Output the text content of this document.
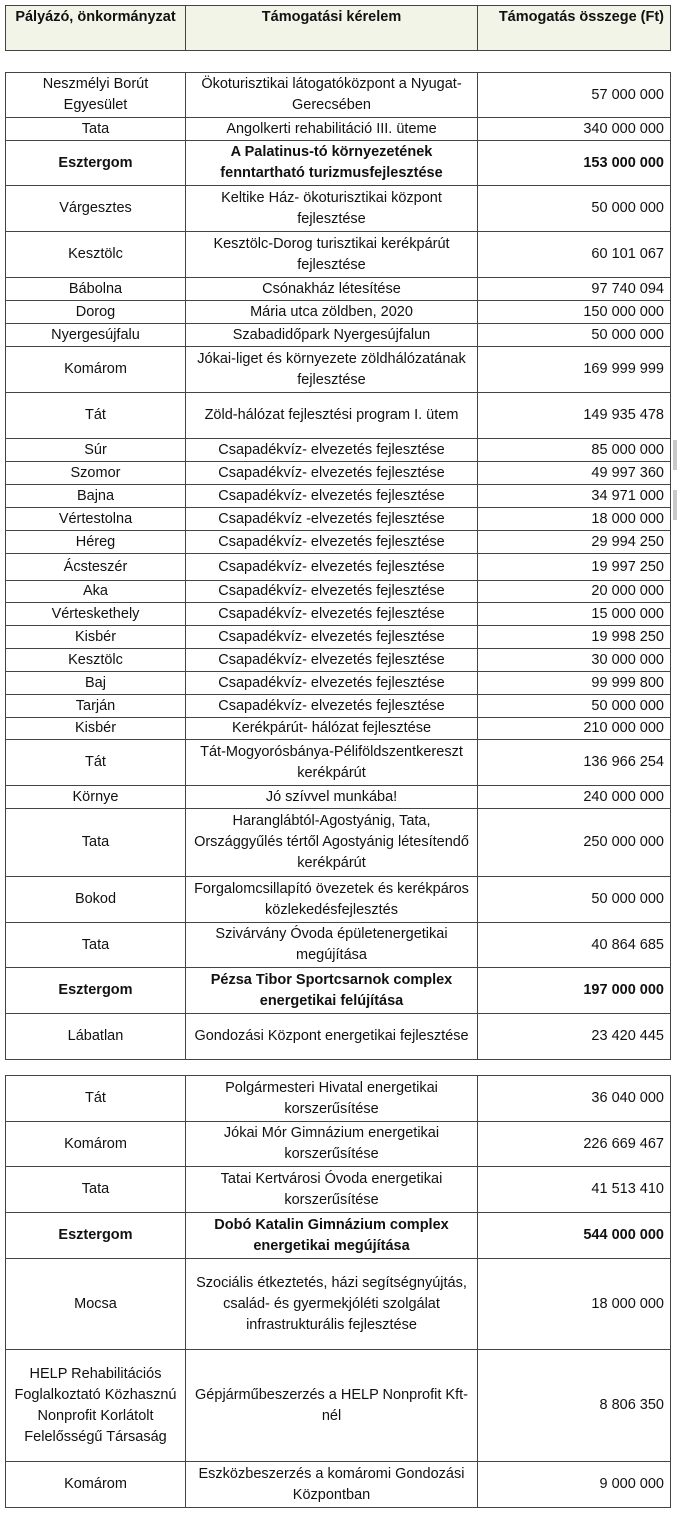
Pályázó, önkormányzat	Támogatási kérelem	Támogatás összege (Ft)
Neszmélyi Borút Egyesület	Ökoturisztikai látogatóközpont a Nyugat-Gerecsében	57 000 000
Tata	Angolkerti rehabilitáció III. üteme	340 000 000
Esztergom	A Palatinus-tó környezetének fenntartható turizmusfejlesztése	153 000 000
Várgesztes	Keltike Ház- ökoturisztikai központ fejlesztése	50 000 000
Kesztölc	Kesztölc-Dorog turisztikai kerékpárút fejlesztése	60 101 067
Bábolna	Csónakház létesítése	97 740 094
Dorog	Mária utca zöldben, 2020	150 000 000
Nyergesújfalu	Szabadidőpark Nyergesújfalun	50 000 000
Komárom	Jókai-liget és környezete zöldhálózatának fejlesztése	169 999 999
Tát	Zöld-hálózat fejlesztési program I. ütem	149 935 478
Súr	Csapadékvíz- elvezetés fejlesztése	85 000 000
Szomor	Csapadékvíz- elvezetés fejlesztése	49 997 360
Bajna	Csapadékvíz- elvezetés fejlesztése	34 971 000
Vértestolna	Csapadékvíz -elvezetés fejlesztése	18 000 000
Héreg	Csapadékvíz- elvezetés fejlesztése	29 994 250
Ácsteszér	Csapadékvíz- elvezetés fejlesztése	19 997 250
Aka	Csapadékvíz- elvezetés fejlesztése	20 000 000
Vérteskethely	Csapadékvíz- elvezetés fejlesztése	15 000 000
Kisbér	Csapadékvíz- elvezetés fejlesztése	19 998 250
Kesztölc	Csapadékvíz- elvezetés fejlesztése	30 000 000
Baj	Csapadékvíz- elvezetés fejlesztése	99 999 800
Tarján	Csapadékvíz- elvezetés fejlesztése	50 000 000
Kisbér	Kerékpárút- hálózat fejlesztése	210 000 000
Tát	Tát-Mogyorósbánya-Péliföldszentkereszt kerékpárút	136 966 254
Környe	Jó szívvel munkába!	240 000 000
Tata	Haranglábtól-Agostyánig, Tata, Országgyűlés tértől Agostyánig létesítendő kerékpárút	250 000 000
Bokod	Forgalomcsillapító övezetek és kerékpáros közlekedésfejlesztés	50 000 000
Tata	Szivárvány Óvoda épületenergetikai megújítása	40 864 685
Esztergom	Pézsa Tibor Sportcsarnok complex energetikai felújítása	197 000 000
Lábatlan	Gondozási Központ energetikai fejlesztése	23 420 445
Tát	Polgármesteri Hivatal energetikai korszerűsítése	36 040 000
Komárom	Jókai Mór Gimnázium energetikai korszerűsítése	226 669 467
Tata	Tatai Kertvárosi Óvoda energetikai korszerűsítése	41 513 410
Esztergom	Dobó Katalin Gimnázium complex energetikai megújítása	544 000 000
Mocsa	Szociális étkeztetés, házi segítségnyújtás, család- és gyermekjóléti szolgálat infrastrukturális fejlesztése	18 000 000
HELP Rehabilitációs Foglalkoztató Közhasznú Nonprofit Korlátolt Felelősségű Társaság	Gépjárműbeszerzés a HELP Nonprofit Kft-nél	8 806 350
Komárom	Eszközbeszerzés a komáromi Gondozási Központban	9 000 000
